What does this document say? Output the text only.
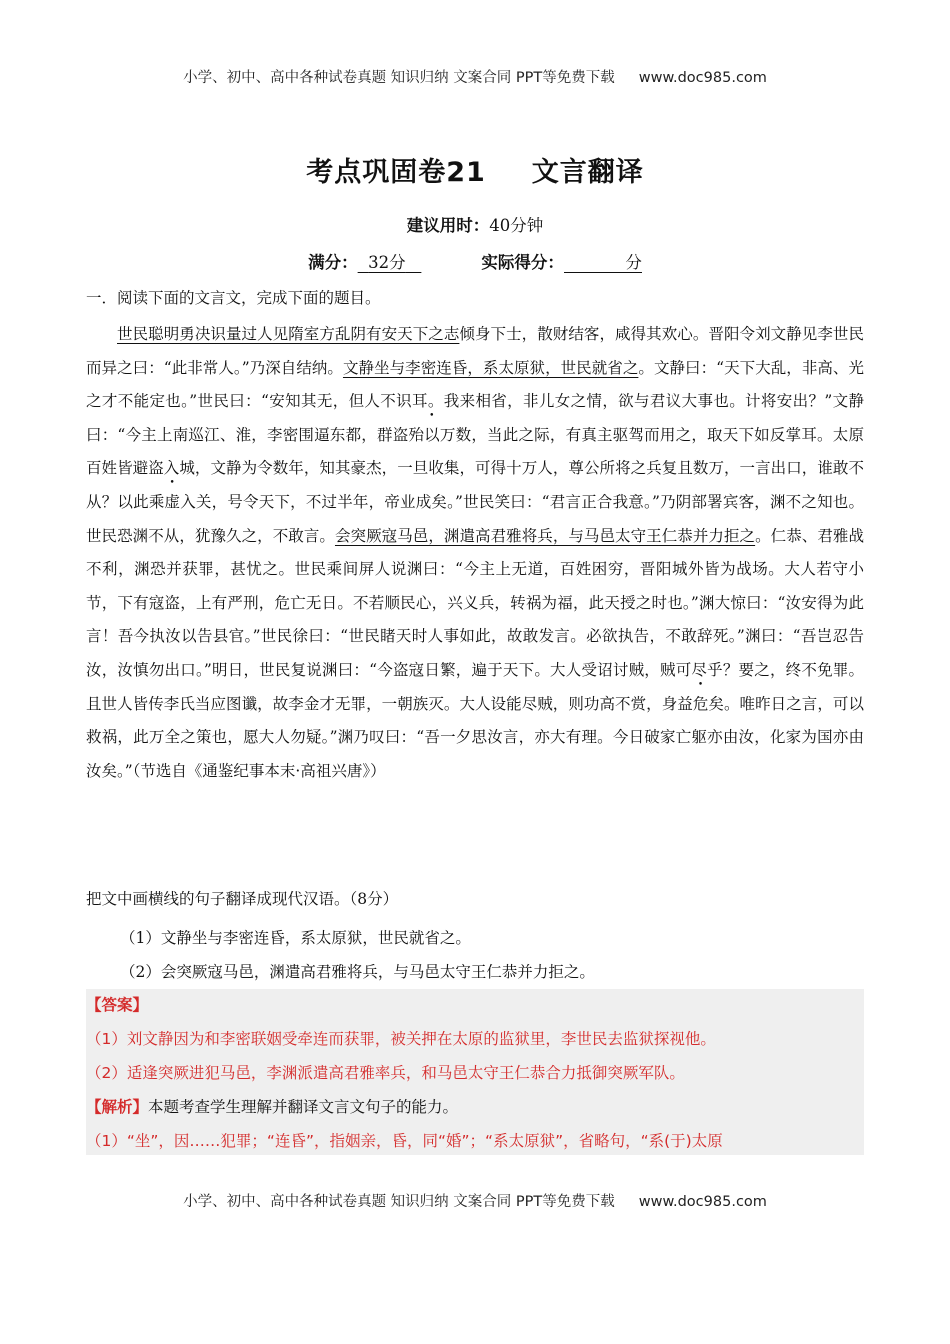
小学、初中、高中各种试卷真题 知识归纳 文案合同 PPT等免费下载 www.doc985.com
考点巩固卷21 文言翻译
建议用时：40分钟
满分： 32分	实际得分：	分
一．阅读下面的文言文，完成下面的题目。

世民聪明勇决识量过人见隋室方乱阴有安天下之志倾身下士，散财结客，咸得其欢心。晋阳令刘文静见李世民而异之曰：“此非常人。”乃深自结纳。文静坐与李密连昏，系太原狱，世民就省之。文静曰：“天下大乱，非高、光之才不能定也。”世民曰：“安知其无，但人不识耳。我来相省，非儿女之情，欲与君议大事也。计将安出？”文静曰：“今主上南巡江、淮，李密围逼东都，群盗殆以万数，当此之际，有真主驱驾而用之，取天下如反掌耳。太原百姓皆避盗入城，文静为令数年，知其豪杰，一旦收集，可得十万人，尊公所将之兵复且数万，一言出口，谁敢不从？以此乘虚入关，号令天下，不过半年，帝业成矣。”世民笑曰：“君言正合我意。”乃阴部署宾客，渊不之知也。世民恐渊不从，犹豫久之，不敢言。会突厥寇马邑，渊遣高君雅将兵，与马邑太守王仁恭并力拒之。仁恭、君雅战不利，渊恐并获罪，甚忧之。世民乘间屏人说渊曰：“今主上无道，百姓困穷，晋阳城外皆为战场。大人若守小节，下有寇盗，上有严刑，危亡无日。不若顺民心，兴义兵，转祸为福，此天授之时也。”渊大惊曰：“汝安得为此言！吾今执汝以告县官。”世民徐曰：“世民睹天时人事如此，故敢发言。必欲执告，不敢辞死。”渊曰：“吾岂忍告汝，汝慎勿出口。”明日，世民复说渊曰：“今盗寇日繁，遍于天下。大人受诏讨贼，贼可尽乎？要之，终不免罪。且世人皆传李氏当应图谶，故李金才无罪，一朝族灭。大人设能尽贼，则功高不赏，身益危矣。唯昨日之言，可以救祸，此万全之策也，愿大人勿疑。”渊乃叹曰：“吾一夕思汝言，亦大有理。今日破家亡躯亦由汝，化家为国亦由汝矣。”（节选自《通鉴纪事本末·高祖兴唐》）

把文中画横线的句子翻译成现代汉语。（8分）
（1）文静坐与李密连昏，系太原狱，世民就省之。
（2）会突厥寇马邑，渊遣高君雅将兵，与马邑太守王仁恭并力拒之。
【答案】
（1）刘文静因为和李密联姻受牵连而获罪，被关押在太原的监狱里，李世民去监狱探视他。
（2）适逢突厥进犯马邑，李渊派遣高君雅率兵，和马邑太守王仁恭合力抵御突厥军队。
【解析】本题考查学生理解并翻译文言文句子的能力。
（1）“坐”，因……犯罪；“连昏”，指姻亲，昏，同“婚”；“系太原狱”，省略句，“系(于)太原
小学、初中、高中各种试卷真题 知识归纳 文案合同 PPT等免费下载 www.doc985.com
